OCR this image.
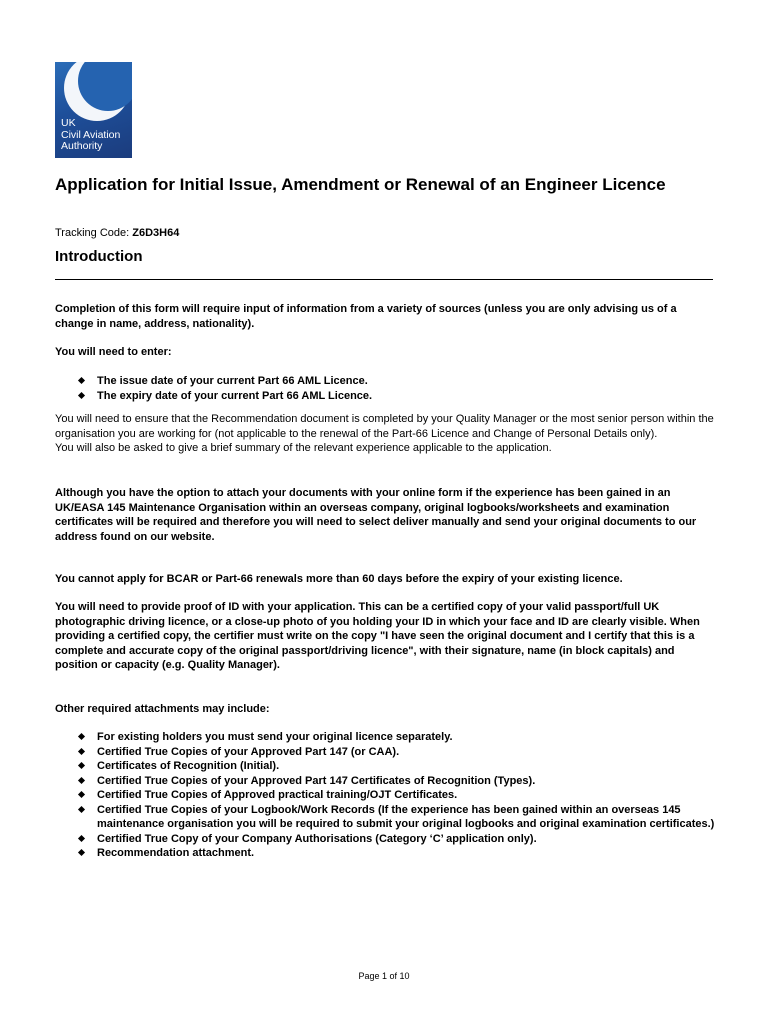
UK
Civil Aviation
Authority
Application for Initial Issue, Amendment or Renewal of an Engineer Licence
Tracking Code: Z6D3H64
Introduction
Completion of this form will require input of information from a variety of sources (unless you are only advising us of a change in name, address, nationality).
You will need to enter:
The issue date of your current Part 66 AML Licence.
The expiry date of your current Part 66 AML Licence.
You will need to ensure that the Recommendation document is completed by your Quality Manager or the most senior person within the organisation you are working for (not applicable to the renewal of the Part-66 Licence and Change of Personal Details only).
You will also be asked to give a brief summary of the relevant experience applicable to the application.
Although you have the option to attach your documents with your online form if the experience has been gained in an UK/EASA 145 Maintenance Organisation within an overseas company, original logbooks/worksheets and examination certificates will be required and therefore you will need to select deliver manually and send your original documents to our address found on our website.
You cannot apply for BCAR or Part-66 renewals more than 60 days before the expiry of your existing licence.
You will need to provide proof of ID with your application. This can be a certified copy of your valid passport/full UK photographic driving licence, or a close-up photo of you holding your ID in which your face and ID are clearly visible. When providing a certified copy, the certifier must write on the copy "I have seen the original document and I certify that this is a complete and accurate copy of the original passport/driving licence", with their signature, name (in block capitals) and position or capacity (e.g. Quality Manager).
Other required attachments may include:
For existing holders you must send your original licence separately.
Certified True Copies of your Approved Part 147 (or CAA).
Certificates of Recognition (Initial).
Certified True Copies of your Approved Part 147 Certificates of Recognition (Types).
Certified True Copies of Approved practical training/OJT Certificates.
Certified True Copies of your Logbook/Work Records (If the experience has been gained within an overseas 145 maintenance organisation you will be required to submit your original logbooks and original examination certificates.)
Certified True Copy of your Company Authorisations (Category ‘C’ application only).
Recommendation attachment.
Page 1 of 10
